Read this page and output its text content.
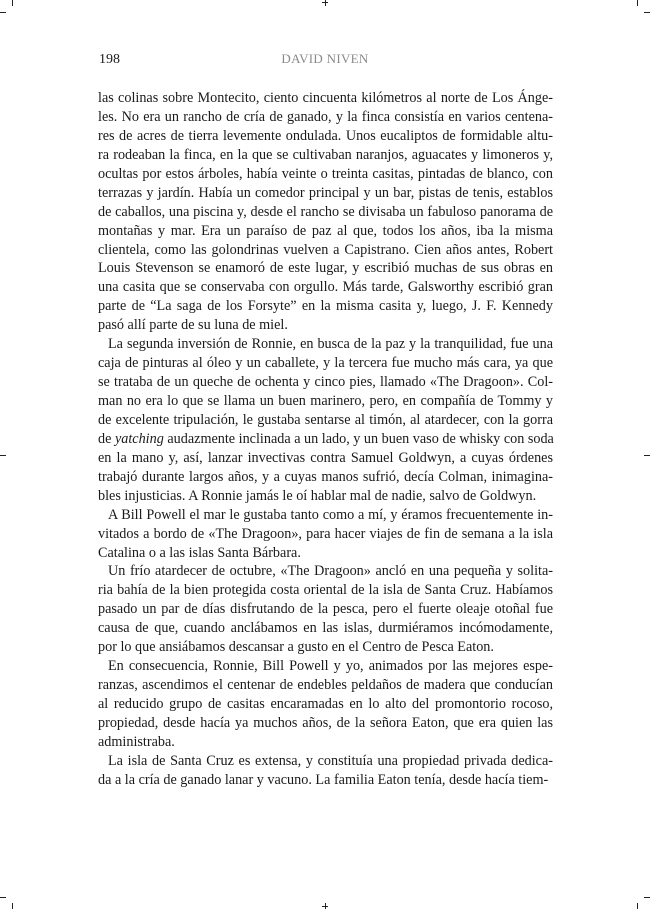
198	DAVID NIVEN
las colinas sobre Montecito, ciento cincuenta kilómetros al norte de Los Ánge-
les. No era un rancho de cría de ganado, y la finca consistía en varios centena-
res de acres de tierra levemente ondulada. Unos eucaliptos de formidable altu-
ra rodeaban la finca, en la que se cultivaban naranjos, aguacates y limoneros y,
ocultas por estos árboles, había veinte o treinta casitas, pintadas de blanco, con
terrazas y jardín. Había un comedor principal y un bar, pistas de tenis, establos
de caballos, una piscina y, desde el rancho se divisaba un fabuloso panorama de
montañas y mar. Era un paraíso de paz al que, todos los años, iba la misma
clientela, como las golondrinas vuelven a Capistrano. Cien años antes, Robert
Louis Stevenson se enamoró de este lugar, y escribió muchas de sus obras en
una casita que se conservaba con orgullo. Más tarde, Galsworthy escribió gran
parte de “La saga de los Forsyte” en la misma casita y, luego, J. F. Kennedy
pasó allí parte de su luna de miel.
La segunda inversión de Ronnie, en busca de la paz y la tranquilidad, fue una
caja de pinturas al óleo y un caballete, y la tercera fue mucho más cara, ya que
se trataba de un queche de ochenta y cinco pies, llamado «The Dragoon». Col-
man no era lo que se llama un buen marinero, pero, en compañía de Tommy y
de excelente tripulación, le gustaba sentarse al timón, al atardecer, con la gorra
de yatching audazmente inclinada a un lado, y un buen vaso de whisky con soda
en la mano y, así, lanzar invectivas contra Samuel Goldwyn, a cuyas órdenes
trabajó durante largos años, y a cuyas manos sufrió, decía Colman, inimagina-
bles injusticias. A Ronnie jamás le oí hablar mal de nadie, salvo de Goldwyn.
A Bill Powell el mar le gustaba tanto como a mí, y éramos frecuentemente in-
vitados a bordo de «The Dragoon», para hacer viajes de fin de semana a la isla
Catalina o a las islas Santa Bárbara.
Un frío atardecer de octubre, «The Dragoon» ancló en una pequeña y solita-
ria bahía de la bien protegida costa oriental de la isla de Santa Cruz. Habíamos
pasado un par de días disfrutando de la pesca, pero el fuerte oleaje otoñal fue
causa de que, cuando anclábamos en las islas, durmiéramos incómodamente,
por lo que ansiábamos descansar a gusto en el Centro de Pesca Eaton.
En consecuencia, Ronnie, Bill Powell y yo, animados por las mejores espe-
ranzas, ascendimos el centenar de endebles peldaños de madera que conducían
al reducido grupo de casitas encaramadas en lo alto del promontorio rocoso,
propiedad, desde hacía ya muchos años, de la señora Eaton, que era quien las
administraba.
La isla de Santa Cruz es extensa, y constituía una propiedad privada dedica-
da a la cría de ganado lanar y vacuno. La familia Eaton tenía, desde hacía tiem-
